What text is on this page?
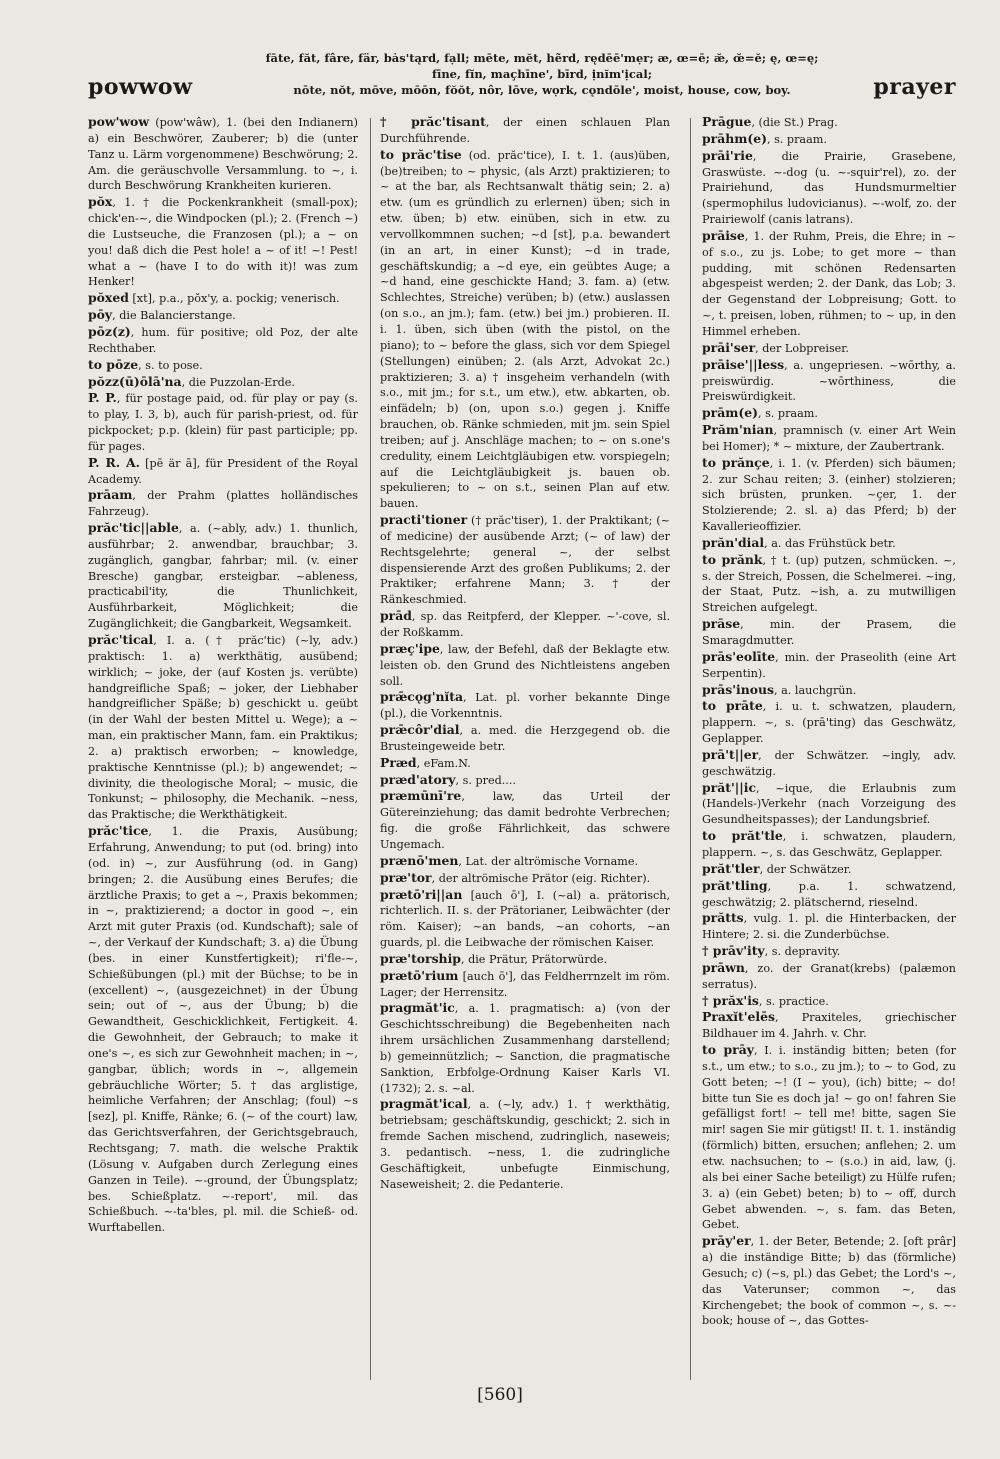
powwow
fāte, făt, fâre, fär, bȧs'tąrd, fạll; mēte, mĕt, hẽrd, rędēē'mẹr; æ, œ=ē; æ̆, œ̆=ĕ; ę, œ=ę;
fīne, fĭn, maçhīne', bīrd, ịnĭm'ịcal;
nōte, nŏt, mōve, mōōn, fŏŏt, nôr, lōve, wọrk, cǫndōle', moist, house, cow, boy.	prayer

pow'wow (pow'wâw), 1. (bei den Indianern) a) ein Beschwörer, Zauberer; b) die (unter Tanz u. Lärm vorgenommene) Beschwörung; 2. Am. die geräuschvolle Versammlung. to ~, i. durch Beschwörung Krankheiten kurieren.

pŏx, 1. † die Pockenkrankheit (small-pox); chick'en-~, die Windpocken (pl.); 2. (French ~) die Lustseuche, die Franzosen (pl.); a ~ on you! daß dich die Pest hole! a ~ of it! ~! Pest! what a ~ (have I to do with it)! was zum Henker!

pŏxed [xt], p.a., pŏx'y, a. pockig; venerisch.

pōy, die Balancierstange.

pōz(z), hum. für positive; old Poz, der alte Rechthaber.

to pōze, s. to pose.

pŏzz(ū)ōlā'na, die Puzzolan-Erde.

P. P., für postage paid, od. für play or pay (s. to play, I. 3, b), auch für parish-priest, od. für pickpocket; p.p. (klein) für past participle; pp. für pages.

P. R. A. [pē är ā], für President of the Royal Academy.

prāam, der Prahm (plattes holländisches Fahrzeug).

prăc'tic||able, a. (~ably, adv.) 1. thunlich, ausführbar; 2. anwendbar, brauchbar; 3. zugänglich, gangbar, fahrbar; mil. (v. einer Bresche) gangbar, ersteigbar. ~ableness, practicabil'ity, die Thunlichkeit, Ausführbarkeit, Möglichkeit; die Zugänglichkeit; die Gangbarkeit, Wegsamkeit.

prăc'tical, I. a. († prăc'tic) (~ly, adv.) praktisch: 1. a) werkthätig, ausübend; wirklich; ~ joke, der (auf Kosten js. verübte) handgreifliche Spaß; ~ joker, der Liebhaber handgreiflicher Späße; b) geschickt u. geübt (in der Wahl der besten Mittel u. Wege); a ~ man, ein praktischer Mann, fam. ein Praktikus; 2. a) praktisch erworben; ~ knowledge, praktische Kenntnisse (pl.); b) angewendet; ~ divinity, die theologische Moral; ~ music, die Tonkunst; ~ philosophy, die Mechanik. ~ness, das Praktische; die Werkthätigkeit.

prăc'tice, 1. die Praxis, Ausübung; Erfahrung, Anwendung; to put (od. bring) into (od. in) ~, zur Ausführung (od. in Gang) bringen; 2. die Ausübung eines Berufes; die ärztliche Praxis; to get a ~, Praxis bekommen; in ~, praktizierend; a doctor in good ~, ein Arzt mit guter Praxis (od. Kundschaft); sale of ~, der Verkauf der Kundschaft; 3. a) die Übung (bes. in einer Kunstfertigkeit); ri'fle-~, Schießübungen (pl.) mit der Büchse; to be in (excellent) ~, (ausgezeichnet) in der Übung sein; out of ~, aus der Übung; b) die Gewandtheit, Geschicklichkeit, Fertigkeit. 4. die Gewohnheit, der Gebrauch; to make it one's ~, es sich zur Gewohnheit machen; in ~, gangbar, üblich; words in ~, allgemein gebräuchliche Wörter; 5. † das arglistige, heimliche Verfahren; der Anschlag; (foul) ~s [sez], pl. Kniffe, Ränke; 6. (~ of the court) law, das Gerichtsverfahren, der Gerichtsgebrauch, Rechtsgang; 7. math. die welsche Praktik (Lösung v. Aufgaben durch Zerlegung eines Ganzen in Teile). ~-ground, der Übungsplatz; bes. Schießplatz. ~-report', mil. das Schießbuch. ~-ta'bles, pl. mil. die Schieß- od. Wurftabellen.

† prăc'tisant, der einen schlauen Plan Durchführende.

to prăc'tise (od. prăc'tice), I. t. 1. (aus)üben, (be)treiben; to ~ physic, (als Arzt) praktizieren; to ~ at the bar, als Rechtsanwalt thätig sein; 2. a) etw. (um es gründlich zu erlernen) üben; sich in etw. üben; b) etw. einüben, sich in etw. zu vervollkommnen suchen; ~d [st], p.a. bewandert (in an art, in einer Kunst); ~d in trade, geschäftskundig; a ~d eye, ein geübtes Auge; a ~d hand, eine geschickte Hand; 3. fam. a) (etw. Schlechtes, Streiche) verüben; b) (etw.) auslassen (on s.o., an jm.); fam. (etw.) bei jm.) probieren. II. i. 1. üben, sich üben (with the pistol, on the piano); to ~ before the glass, sich vor dem Spiegel (Stellungen) einüben; 2. (als Arzt, Advokat 2c.) praktizieren; 3. a) † insgeheim verhandeln (with s.o., mit jm.; for s.t., um etw.), etw. abkarten, ob. einfädeln; b) (on, upon s.o.) gegen j. Kniffe brauchen, ob. Ränke schmieden, mit jm. sein Spiel treiben; auf j. Anschläge machen; to ~ on s.one's credulity, einem Leichtgläubigen etw. vorspiegeln; auf die Leichtgläubigkeit js. bauen ob. spekulieren; to ~ on s.t., seinen Plan auf etw. bauen.

practi'tioner († prăc'tiser), 1. der Praktikant; (~ of medicine) der ausübende Arzt; (~ of law) der Rechtsgelehrte; general ~, der selbst dispensierende Arzt des großen Publikums; 2. der Praktiker; erfahrene Mann; 3. † der Ränkeschmied.

prād, sp. das Reitpferd, der Klepper. ~'-cove, sl. der Roßkamm.

præç'ipe, law, der Befehl, daß der Beklagte etw. leisten ob. den Grund des Nichtleistens angeben soll.

prǣcǫg'nĭta, Lat. pl. vorher bekannte Dinge (pl.), die Vorkenntnis.

prǣcôr'dial, a. med. die Herzgegend ob. die Brusteingeweide betr.

Præd, eFam.N.

præd'atory, s. pred....

præmūnī're, law, das Urteil der Gütereinziehung; das damit bedrohte Verbrechen; fig. die große Fährlichkeit, das schwere Ungemach.

prænō'men, Lat. der altrömische Vorname.

præ'tor, der altrömische Prätor (eig. Richter).

prætō'ri||an [auch ō'], I. (~al) a. prätorisch, richterlich. II. s. der Prätorianer, Leibwächter (der röm. Kaiser); ~an bands, ~an cohorts, ~an guards, pl. die Leibwache der römischen Kaiser.

præ'torship, die Prätur, Prätorwürde.

prætō'rium [auch ō'], das Feldherrnzelt im röm. Lager; der Herrensitz.

pragmăt'ic, a. 1. pragmatisch: a) (von der Geschichtsschreibung) die Begebenheiten nach ihrem ursächlichen Zusammenhang darstellend; b) gemeinnützlich; ~ Sanction, die pragmatische Sanktion, Erbfolge-Ordnung Kaiser Karls VI. (1732); 2. s. ~al.

pragmăt'ical, a. (~ly, adv.) 1. † werkthätig, betriebsam; geschäftskundig, geschickt; 2. sich in fremde Sachen mischend, zudringlich, naseweis; 3. pedantisch. ~ness, 1. die zudringliche Geschäftigkeit, unbefugte Einmischung, Naseweisheit; 2. die Pedanterie.

Prāgue, (die St.) Prag.

prāhm(e), s. praam.

prāi'rie, die Prairie, Grasebene, Graswüste. ~-dog (u. ~-squir'rel), zo. der Prairiehund, das Hundsmurmeltier (spermophilus ludovicianus). ~-wolf, zo. der Prairiewolf (canis latrans).

prāise, 1. der Ruhm, Preis, die Ehre; in ~ of s.o., zu js. Lobe; to get more ~ than pudding, mit schönen Redensarten abgespeist werden; 2. der Dank, das Lob; 3. der Gegenstand der Lobpreisung; Gott. to ~, t. preisen, loben, rühmen; to ~ up, in den Himmel erheben.

prāi'ser, der Lobpreiser.

prāise'||less, a. ungepriesen. ~wōrthy, a. preiswürdig. ~wōrthiness, die Preiswürdigkeit.

prām(e), s. praam.

Prăm'nian, pramnisch (v. einer Art Wein bei Homer); * ~ mixture, der Zaubertrank.

to prănçe, i. 1. (v. Pferden) sich bäumen; 2. zur Schau reiten; 3. (einher) stolzieren; sich brüsten, prunken. ~çer, 1. der Stolzierende; 2. sl. a) das Pferd; b) der Kavallerieoffizier.

prăn'dial, a. das Frühstück betr.

to prănk, † t. (up) putzen, schmücken. ~, s. der Streich, Possen, die Schelmerei. ~ing, der Staat, Putz. ~ish, a. zu mutwilligen Streichen aufgelegt.

prāse, min. der Prasem, die Smaragdmutter.

prās'eolīte, min. der Praseolith (eine Art Serpentin).

prās'inous, a. lauchgrün.

to prāte, i. u. t. schwatzen, plaudern, plappern. ~, s. (prā'ting) das Geschwätz, Geplapper.

prā't||er, der Schwätzer. ~ingly, adv. geschwätzig.

prăt'||ic, ~ique, die Erlaubnis zum (Handels-)Verkehr (nach Vorzeigung des Gesundheitspasses); der Landungsbrief.

to prăt'tle, i. schwatzen, plaudern, plappern. ~, s. das Geschwätz, Geplapper.

prăt'tler, der Schwätzer.

prăt'tling, p.a. 1. schwatzend, geschwätzig; 2. plätschernd, rieselnd.

prătts, vulg. 1. pl. die Hinterbacken, der Hintere; 2. si. die Zunderbüchse.

† prāv'ity, s. depravity.

prāwn, zo. der Granat(krebs) (palæmon serratus).

† prăx'is, s. practice.

Praxĭt'elēs, Praxiteles, griechischer Bildhauer im 4. Jahrh. v. Chr.

to prāy, I. i. inständig bitten; beten (for s.t., um etw.; to s.o., zu jm.); to ~ to God, zu Gott beten; ~! (I ~ you), (ich) bitte; ~ do! bitte tun Sie es doch ja! ~ go on! fahren Sie gefälligst fort! ~ tell me! bitte, sagen Sie mir! sagen Sie mir gütigst! II. t. 1. inständig (förmlich) bitten, ersuchen; anflehen; 2. um etw. nachsuchen; to ~ (s.o.) in aid, law, (j. als bei einer Sache beteiligt) zu Hülfe rufen; 3. a) (ein Gebet) beten; b) to ~ off, durch Gebet abwenden. ~, s. fam. das Beten, Gebet.

prāy'er, 1. der Beter, Betende; 2. [oft prâr] a) die inständige Bitte; b) das (förmliche) Gesuch; c) (~s, pl.) das Gebet; the Lord's ~, das Vaterunser; common ~, das Kirchengebet; the book of common ~, s. ~-book; house of ~, das Gottes-

[560]
